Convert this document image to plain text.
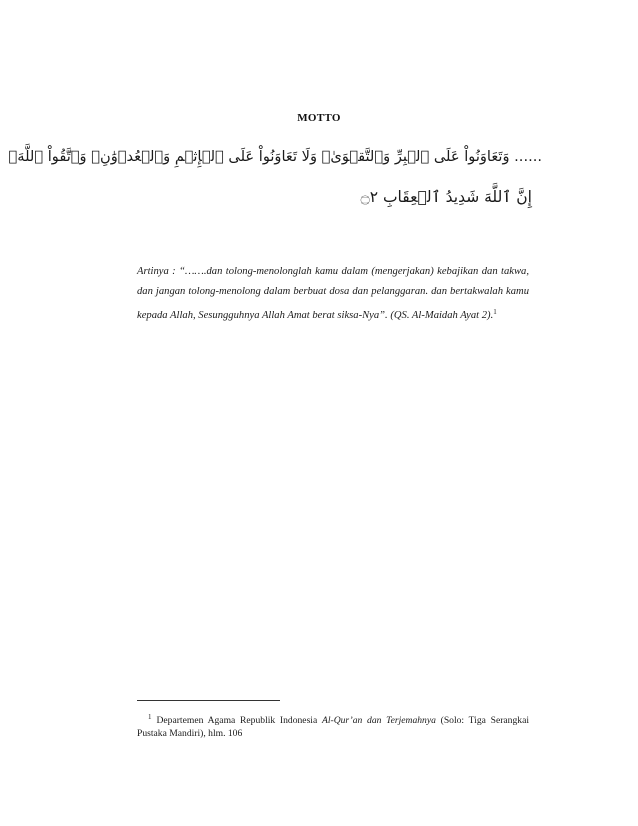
MOTTO
...... وَتَعَاوَنُواْ عَلَى ٱلۡبِرِّ وَٱلتَّقۡوَىٰۖ وَلَا تَعَاوَنُواْ عَلَى ٱلۡإِثۡمِ وَٱلۡعُدۡوَٰنِۚ وَٱتَّقُواْ ٱللَّهَۖ
إِنَّ ٱللَّهَ شَدِيدُ ٱلۡعِقَابِ ۝٢
Artinya : “…….dan tolong-menolonglah kamu dalam (mengerjakan) kebajikan dan takwa, dan jangan tolong-menolong dalam berbuat dosa dan pelanggaran. dan bertakwalah kamu kepada Allah, Sesungguhnya Allah Amat berat siksa-Nya”. (QS. Al-Maidah Ayat 2).$^1$
$^1$ Departemen Agama Republik Indonesia Al-Qur’an dan Terjemahnya (Solo: Tiga Serangkai Pustaka Mandiri), hlm. 106
